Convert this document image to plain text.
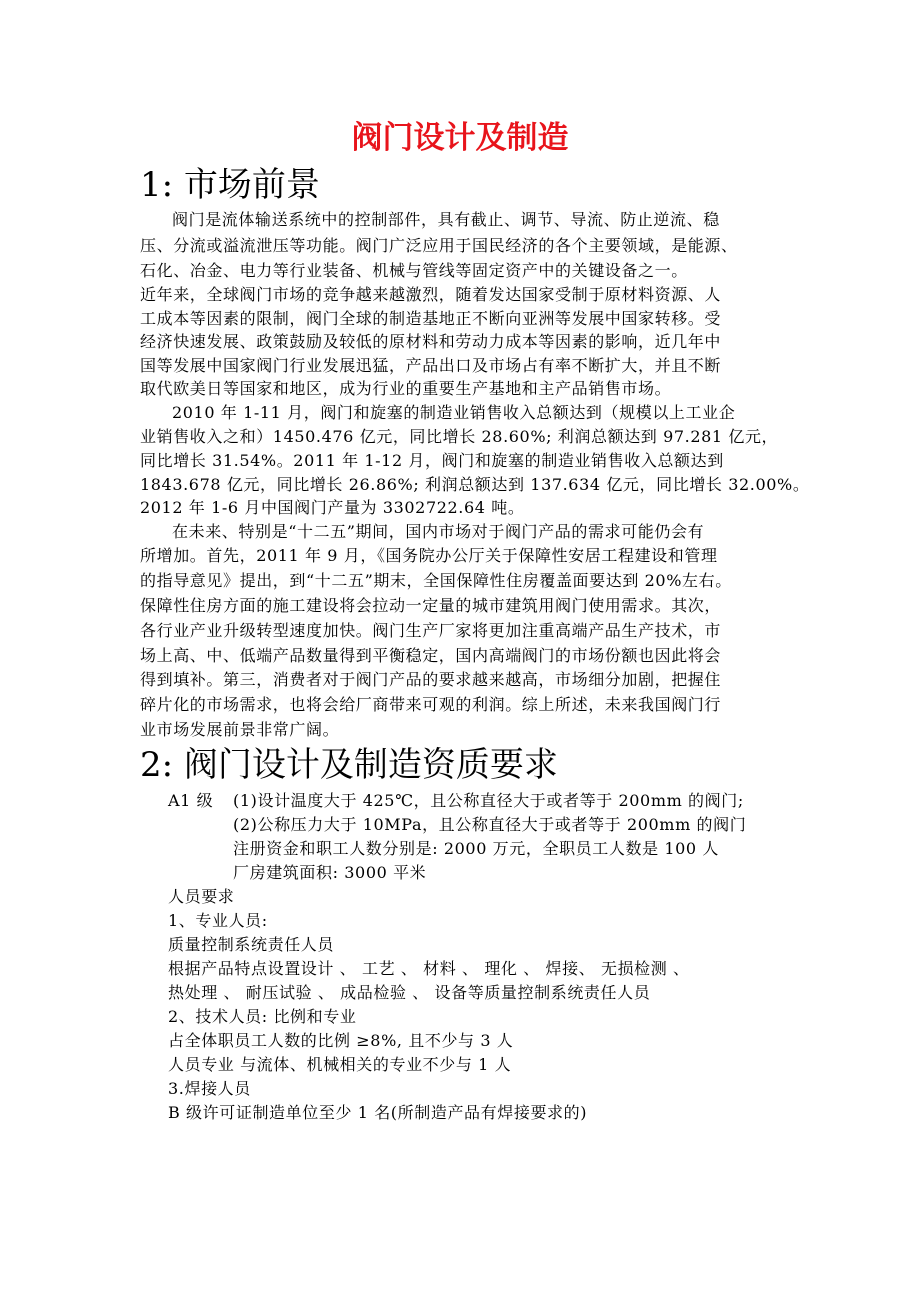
阀门设计及制造
1: 市场前景
阀门是流体输送系统中的控制部件，具有截止、调节、导流、防止逆流、稳
压、分流或溢流泄压等功能。阀门广泛应用于国民经济的各个主要领域，是能源、
石化、冶金、电力等行业装备、机械与管线等固定资产中的关键设备之一。
近年来，全球阀门市场的竞争越来越激烈，随着发达国家受制于原材料资源、人
工成本等因素的限制，阀门全球的制造基地正不断向亚洲等发展中国家转移。受
经济快速发展、政策鼓励及较低的原材料和劳动力成本等因素的影响，近几年中
国等发展中国家阀门行业发展迅猛，产品出口及市场占有率不断扩大，并且不断
取代欧美日等国家和地区，成为行业的重要生产基地和主产品销售市场。
2010 年 1-11 月，阀门和旋塞的制造业销售收入总额达到（规模以上工业企
业销售收入之和）1450.476 亿元，同比增长 28.60%; 利润总额达到 97.281 亿元，
同比增长 31.54%。2011 年 1-12 月，阀门和旋塞的制造业销售收入总额达到
1843.678 亿元，同比增长 26.86%; 利润总额达到 137.634 亿元，同比增长 32.00%。
2012 年 1-6 月中国阀门产量为 3302722.64 吨。
在未来、特别是“十二五”期间，国内市场对于阀门产品的需求可能仍会有
所增加。首先，2011 年 9 月，《国务院办公厅关于保障性安居工程建设和管理
的指导意见》提出，到“十二五”期末，全国保障性住房覆盖面要达到 20%左右。
保障性住房方面的施工建设将会拉动一定量的城市建筑用阀门使用需求。其次，
各行业产业升级转型速度加快。阀门生产厂家将更加注重高端产品生产技术，市
场上高、中、低端产品数量得到平衡稳定，国内高端阀门的市场份额也因此将会
得到填补。第三，消费者对于阀门产品的要求越来越高，市场细分加剧，把握住
碎片化的市场需求，也将会给厂商带来可观的利润。综上所述，未来我国阀门行
业市场发展前景非常广阔。
2: 阀门设计及制造资质要求
A1 级 (1)设计温度大于 425℃，且公称直径大于或者等于 200mm 的阀门;
(2)公称压力大于 10MPa，且公称直径大于或者等于 200mm 的阀门
注册资金和职工人数分别是: 2000 万元，全职员工人数是 100 人
厂房建筑面积: 3000 平米
人员要求
1、专业人员:
质量控制系统责任人员
根据产品特点设置设计 、 工艺 、 材料 、 理化 、 焊接、 无损检测 、
热处理 、 耐压试验 、 成品检验 、 设备等质量控制系统责任人员
2、技术人员: 比例和专业
占全体职员工人数的比例 ≥8%, 且不少与 3 人
人员专业 与流体、机械相关的专业不少与 1 人
3.焊接人员
B 级许可证制造单位至少 1 名(所制造产品有焊接要求的)
